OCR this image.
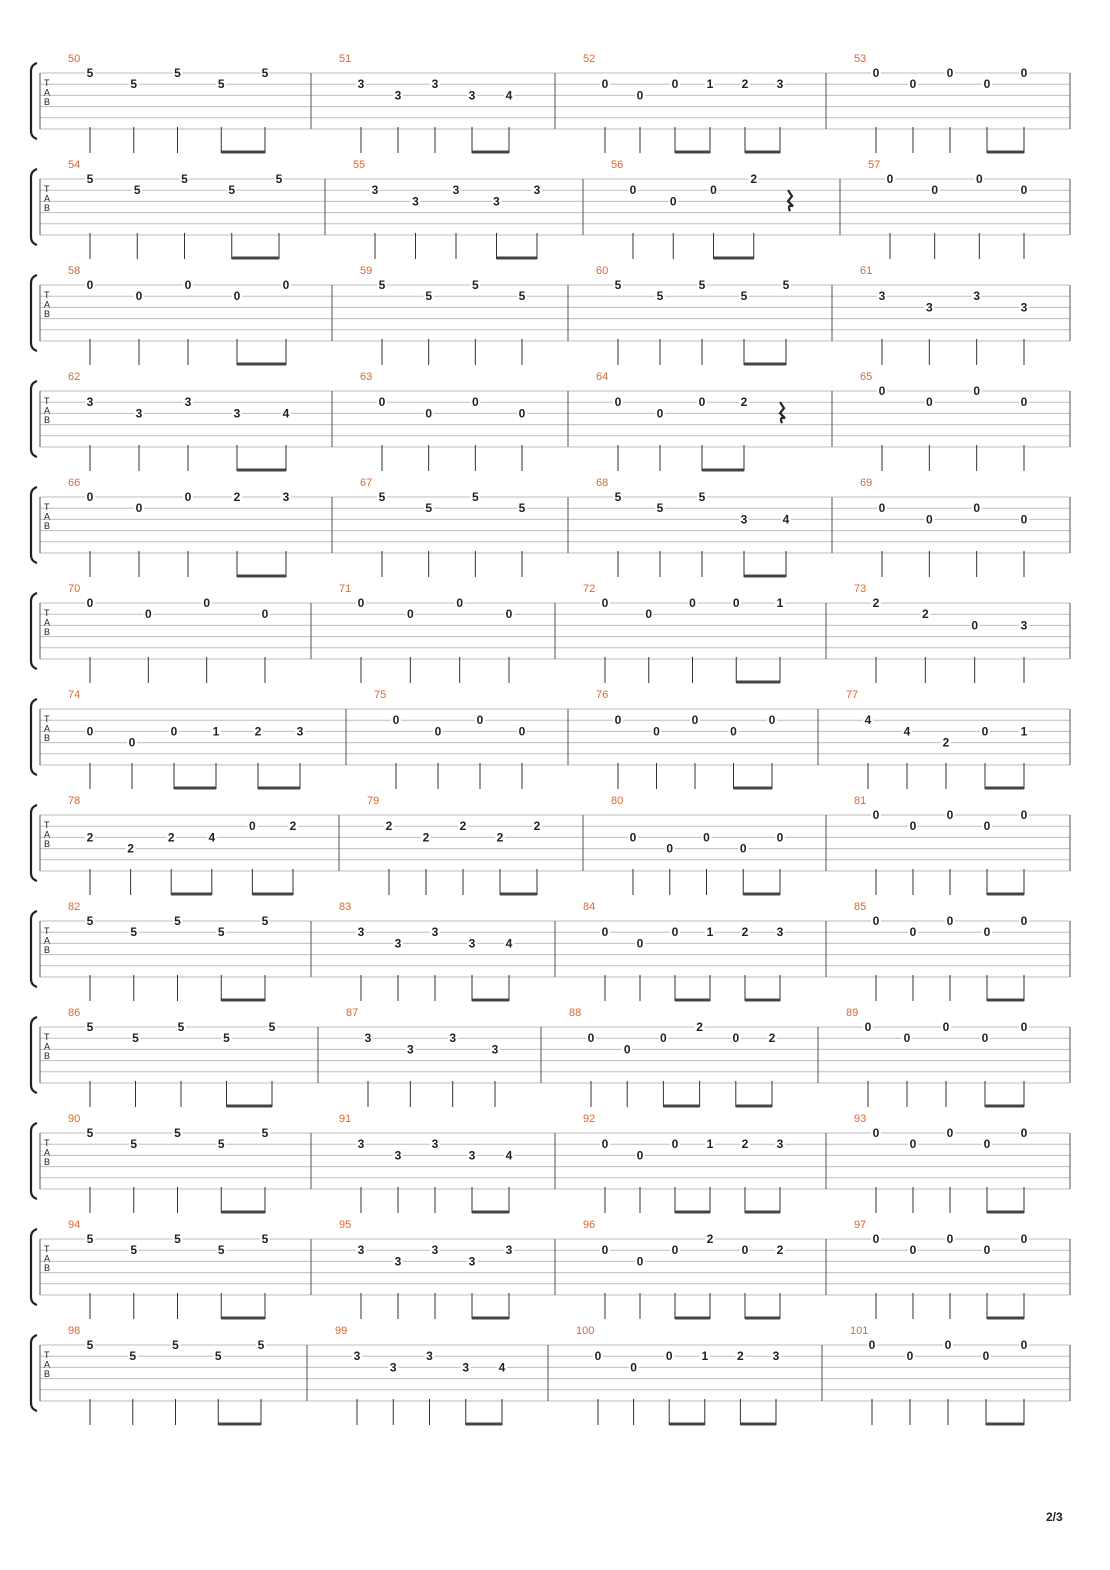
T
A
B
50
5
5
5
5
5
51
3
3
3
3	4
52
0
0
0 1 2 3
53
0
0
0
0
0
T
A
B
54
5
5
5
5
5
55
3
3
3
3
3
56
0
0
0
2
57
0
0
0
0
T
A
B
58
0
0
0
0
0
59
5
5
5
5
60
5
5
5
5
5
61
3
3
3
3
T
A
B
62
3
3
3
3	4
63
0
0
0
0
64
0
0
0	2
65
0
0
0
0
T
A
B
66
0
0
0	2	3
67
5
5
5
5
68
5
5
5
3	4
69
0
0
0
0
T
A
B
70
0
0
0
0
71
0
0
0
0
72
0
0
0	0	1
73
2
2
0	3
T
A
B
74
0
0
0	1	2	3
75
0
0
0
0
76
0
0
0
0
0
77
4
4
2
0	1
T
A
B
78
2
2
2	4
0	2
79
2
2
2
2
2
80
0
0
0
0
0
81
0
0
0
0
0
T
A
B
82
5
5
5
5
5
83
3
3
3
3	4
84
0
0
0 1 2 3
85
0
0
0
0
0
T
A
B
86
5
5
5
5
5
87
3
3
3
3
88
0
0
0
2
0 2
89
0
0
0
0
0
T
A
B
90
5
5
5
5
5
91
3
3
3
3	4
92
0
0
0 1 2 3
93
0
0
0
0
0
T
A
B
94
5
5
5
5
5
95
3
3
3
3
3
96
0
0
0
2
0 2
97
0
0
0
0
0
T
A
B
98
5
5
5
5
5
99
3
3
3
3 4
100
0
0
0 1 2 3
101
0
0
0
0
0
2/3
